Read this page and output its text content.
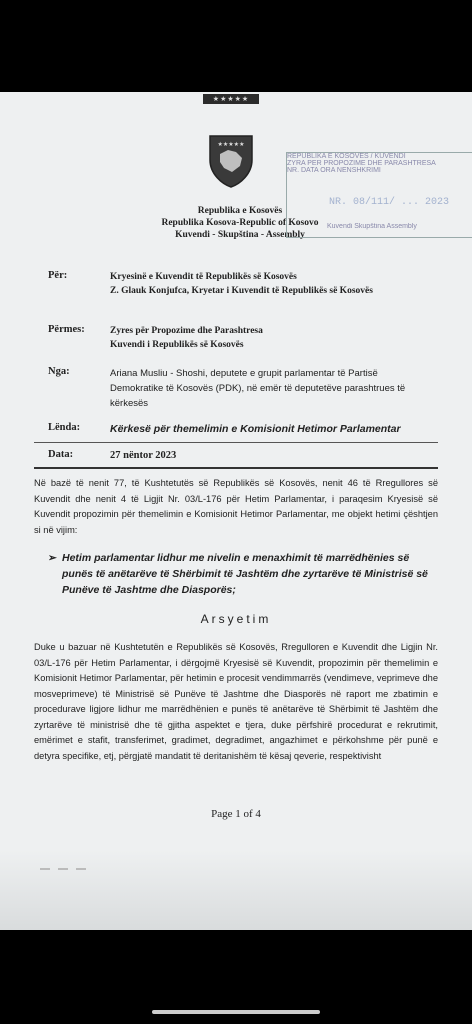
★★★★★
★★★★★
Republika e Kosovës
Republika Kosova-Republic of Kosovo
Kuvendi - Skupština - Assembly
REPUBLIKA E KOSOVËS / KUVENDI
ZYRA PËR PROPOZIME DHE PARASHTRESA
NR. DATA ORA NËNSHKRIMI
Kuvendi Skupština Assembly
NR. 08/111/ ... 2023
Për:	Kryesinë e Kuvendit të Republikës së Kosovës
Z. Glauk Konjufca, Kryetar i Kuvendit të Republikës së Kosovës
Përmes:	Zyres për Propozime dhe Parashtresa
Kuvendi i Republikës së Kosovës
Nga:	Ariana Musliu - Shoshi, deputete e grupit parlamentar të Partisë Demokratike të Kosovës (PDK), në emër të deputetëve parashtrues të kërkesës
Lënda:	Kërkesë për themelimin e Komisionit Hetimor Parlamentar
Data:	27 nëntor 2023
Në bazë të nenit 77, të Kushtetutës së Republikës së Kosovës, nenit 46 të Rregullores së Kuvendit dhe nenit 4 të Ligjit Nr. 03/L-176 për Hetim Parlamentar, i paraqesim Kryesisë së Kuvendit propozimin për themelimin e Komisionit Hetimor Parlamentar, me objekt hetimi çështjen si në vijim:
➢ Hetim parlamentar lidhur me nivelin e menaxhimit të marrëdhënies së punës të anëtarëve të Shërbimit të Jashtëm dhe zyrtarëve të Ministrisë së Punëve të Jashtme dhe Diasporës;
Arsyetim
Duke u bazuar në Kushtetutën e Republikës së Kosovës, Rregulloren e Kuvendit dhe Ligjin Nr. 03/L-176 për Hetim Parlamentar, i dërgojmë Kryesisë së Kuvendit, propozimin për themelimin e Komisionit Hetimor Parlamentar, për hetimin e procesit vendimmarrës (vendimeve, veprimeve dhe mosveprimeve) të Ministrisë së Punëve të Jashtme dhe Diasporës në raport me zbatimin e procedurave ligjore lidhur me marrëdhënien e punës të anëtarëve të Shërbimit të Jashtëm dhe zyrtarëve të ministrisë dhe të gjitha aspektet e tjera, duke përfshirë procedurat e rekrutimit, emërimet e stafit, transferimet, gradimet, degradimet, angazhimet e përkohshme për punë e detyra specifike, etj, përgjatë mandatit të deritanishëm të kësaj qeverie, respektivisht
Page 1 of 4
